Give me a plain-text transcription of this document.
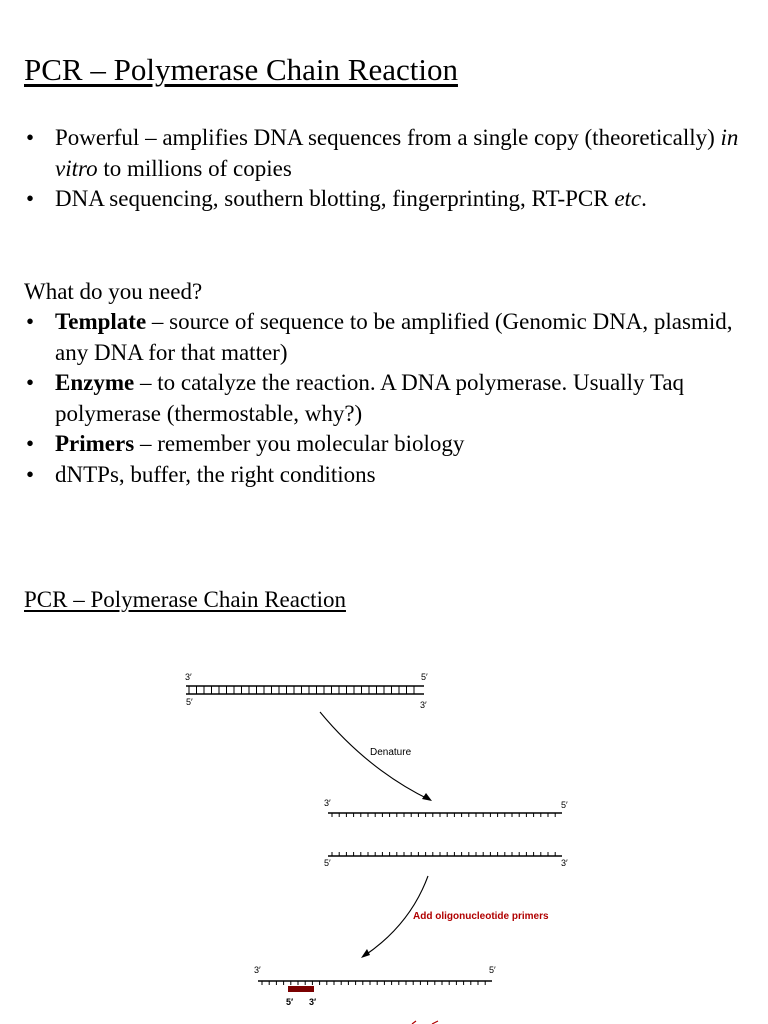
PCR – Polymerase Chain Reaction
• Powerful – amplifies DNA sequences from a single copy (theoretically) in vitro to millions of copies
• DNA sequencing, southern blotting, fingerprinting, RT-PCR etc.

What do you need?

• Template – source of sequence to be amplified (Genomic DNA, plasmid, any DNA for that matter)
• Enzyme – to catalyze the reaction. A DNA polymerase. Usually Taq polymerase (thermostable, why?)
• Primers – remember you molecular biology
• dNTPs, buffer, the right conditions
PCR – Polymerase Chain Reaction
3′
5′
5′
3′
Denature
3′	5′
5′	3′
Add oligonucleotide primers
3′	5′
5′ 3′
